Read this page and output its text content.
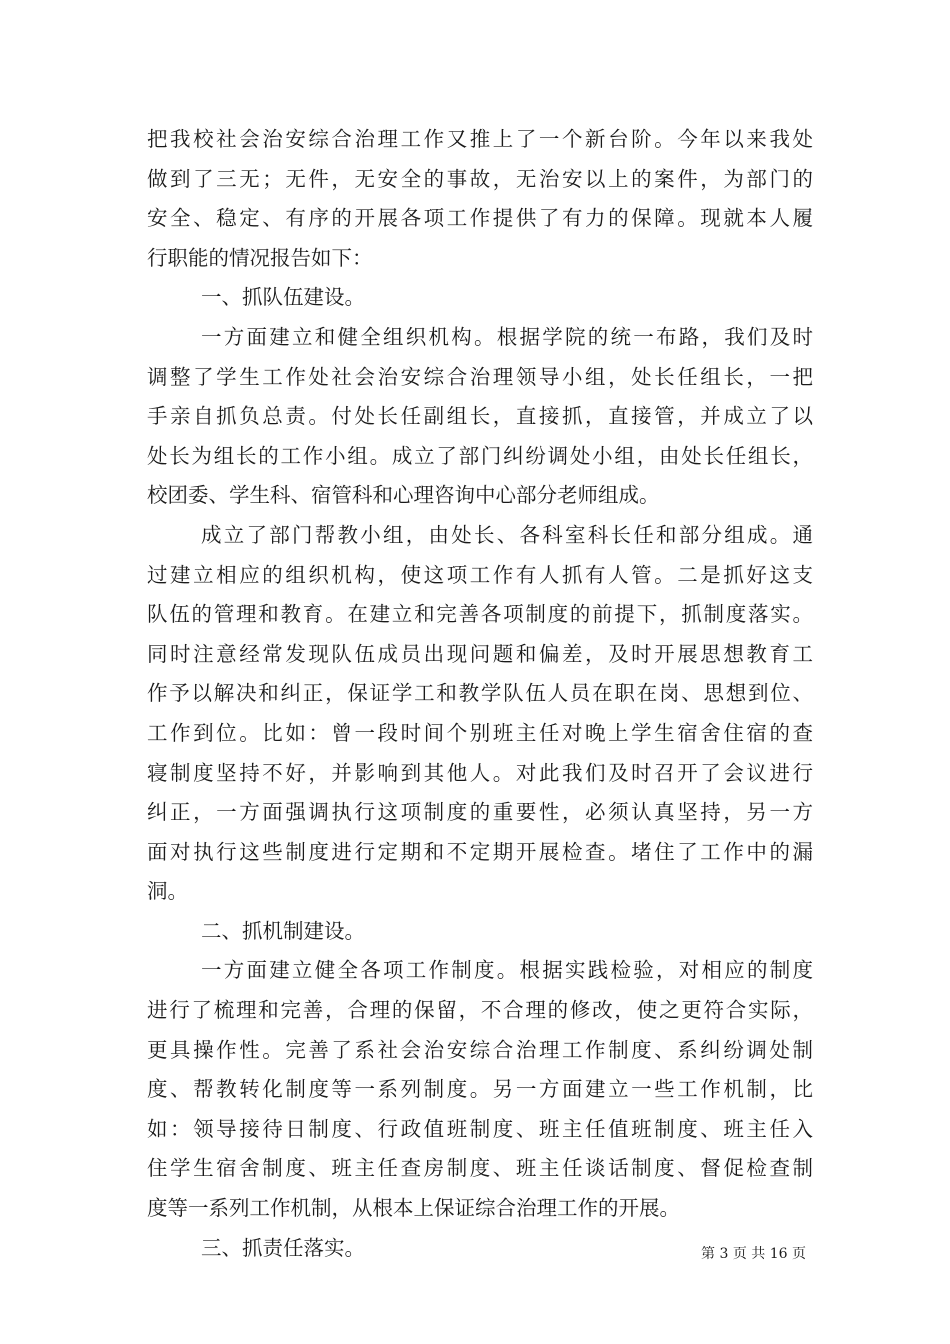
把我校社会治安综合治理工作又推上了一个新台阶。今年以来我处
做到了三无；无件，无安全的事故，无治安以上的案件，为部门的
安全、稳定、有序的开展各项工作提供了有力的保障。现就本人履
行职能的情况报告如下：
一、抓队伍建设。
一方面建立和健全组织机构。根据学院的统一布路，我们及时
调整了学生工作处社会治安综合治理领导小组，处长任组长，一把
手亲自抓负总责。付处长任副组长，直接抓，直接管，并成立了以
处长为组长的工作小组。成立了部门纠纷调处小组，由处长任组长，
校团委、学生科、宿管科和心理咨询中心部分老师组成。
成立了部门帮教小组，由处长、各科室科长任和部分组成。通
过建立相应的组织机构，使这项工作有人抓有人管。二是抓好这支
队伍的管理和教育。在建立和完善各项制度的前提下，抓制度落实。
同时注意经常发现队伍成员出现问题和偏差，及时开展思想教育工
作予以解决和纠正，保证学工和教学队伍人员在职在岗、思想到位、
工作到位。比如：曾一段时间个别班主任对晚上学生宿舍住宿的查
寝制度坚持不好，并影响到其他人。对此我们及时召开了会议进行
纠正，一方面强调执行这项制度的重要性，必须认真坚持，另一方
面对执行这些制度进行定期和不定期开展检查。堵住了工作中的漏
洞。
二、抓机制建设。
一方面建立健全各项工作制度。根据实践检验，对相应的制度
进行了梳理和完善，合理的保留，不合理的修改，使之更符合实际，
更具操作性。完善了系社会治安综合治理工作制度、系纠纷调处制
度、帮教转化制度等一系列制度。另一方面建立一些工作机制，比
如：领导接待日制度、行政值班制度、班主任值班制度、班主任入
住学生宿舍制度、班主任查房制度、班主任谈话制度、督促检查制
度等一系列工作机制，从根本上保证综合治理工作的开展。
三、抓责任落实。	第 3 页 共 16 页
